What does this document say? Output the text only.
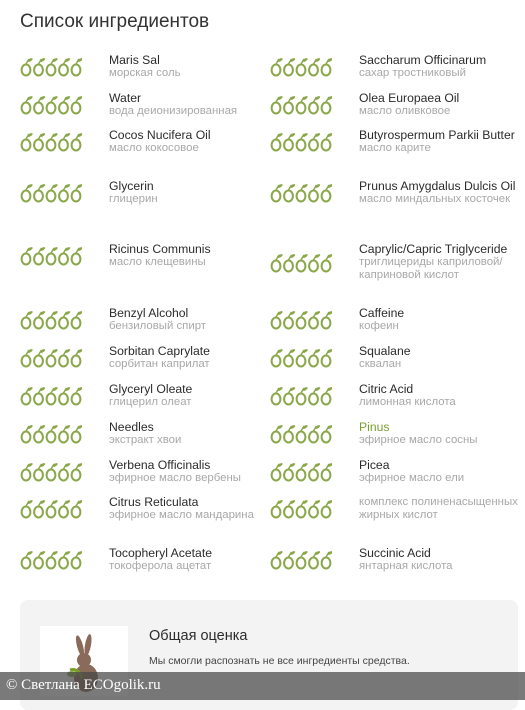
Список ингредиентов
Maris Sal
морская соль
Water
вода деионизированная
Cocos Nucifera Oil
масло кокосовое
Glycerin
глицерин
Ricinus Communis
масло клещевины
Benzyl Alcohol
бензиловый спирт
Sorbitan Caprylate
сорбитан каприлат
Glyceryl Oleate
глицерил олеат
Needles
экстракт хвои
Verbena Officinalis
эфирное масло вербены
Citrus Reticulata
эфирное масло мандарина
Tocopheryl Acetate
токоферола ацетат
Saccharum Officinarum
сахар тростниковый
Olea Europaea Oil
масло оливковое
Butyrospermum Parkii Butter
масло карите
Prunus Amygdalus Dulcis Oil
масло миндальных косточек
Caprylic/Capric Triglyceride
триглицериды каприловой/каприновой кислот
Caffeine
кофеин
Squalane
сквалан
Citric Acid
лимонная кислота
Pinus
эфирное масло сосны
Picea
эфирное масло ели
комплекс полиненасыщенных жирных кислот
Succinic Acid
янтарная кислота
Общая оценка
Мы смогли распознать не все ингредиенты средства.
© Светлана ECOgolik.ru
